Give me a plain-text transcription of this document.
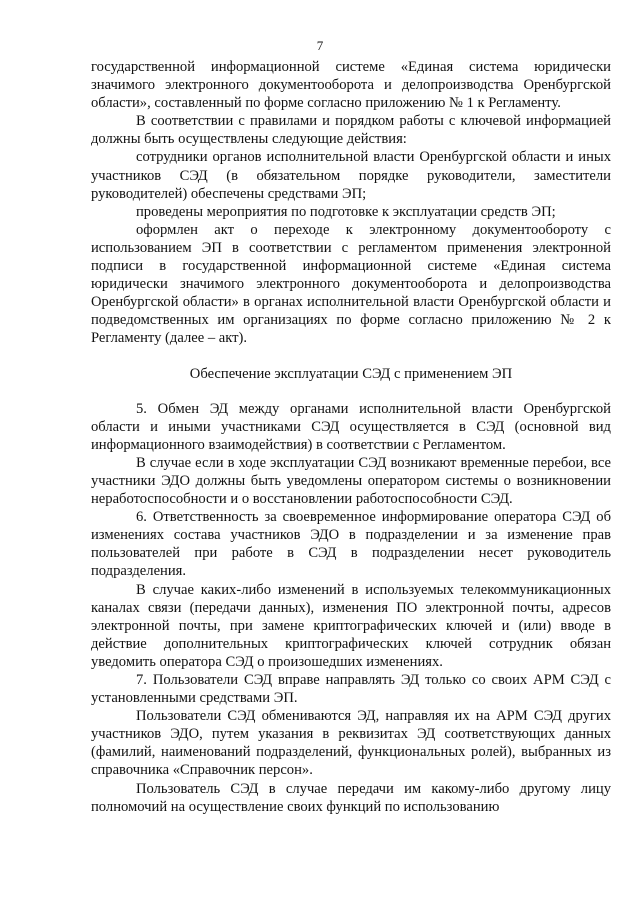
7

государственной информационной системе «Единая система юридически значимого электронного документооборота и делопроизводства Оренбургской области», составленный по форме согласно приложению № 1 к Регламенту.

В соответствии с правилами и порядком работы с ключевой информацией должны быть осуществлены следующие действия:

сотрудники органов исполнительной власти Оренбургской области и иных участников СЭД (в обязательном порядке руководители, заместители руководителей) обеспечены средствами ЭП;

проведены мероприятия по подготовке к эксплуатации средств ЭП;

оформлен акт о переходе к электронному документообороту с использованием ЭП в соответствии с регламентом применения электронной подписи в государственной информационной системе «Единая система юридически значимого электронного документооборота и делопроизводства Оренбургской области» в органах исполнительной власти Оренбургской области и подведомственных им организациях по форме согласно приложению № 2 к Регламенту (далее – акт).

Обеспечение эксплуатации СЭД с применением ЭП

5. Обмен ЭД между органами исполнительной власти Оренбургской области и иными участниками СЭД осуществляется в СЭД (основной вид информационного взаимодействия) в соответствии с Регламентом.

В случае если в ходе эксплуатации СЭД возникают временные перебои, все участники ЭДО должны быть уведомлены оператором системы о возникновении неработоспособности и о восстановлении работоспособности СЭД.

6. Ответственность за своевременное информирование оператора СЭД об изменениях состава участников ЭДО в подразделении и за изменение прав пользователей при работе в СЭД в подразделении несет руководитель подразделения.

В случае каких-либо изменений в используемых телекоммуникационных каналах связи (передачи данных), изменения ПО электронной почты, адресов электронной почты, при замене криптографических ключей и (или) вводе в действие дополнительных криптографических ключей сотрудник обязан уведомить оператора СЭД о произошедших изменениях.

7. Пользователи СЭД вправе направлять ЭД только со своих АРМ СЭД с установленными средствами ЭП.

Пользователи СЭД обмениваются ЭД, направляя их на АРМ СЭД других участников ЭДО, путем указания в реквизитах ЭД соответствующих данных (фамилий, наименований подразделений, функциональных ролей), выбранных из справочника «Справочник персон».

Пользователь СЭД в случае передачи им какому-либо другому лицу полномочий на осуществление своих функций по использованию
